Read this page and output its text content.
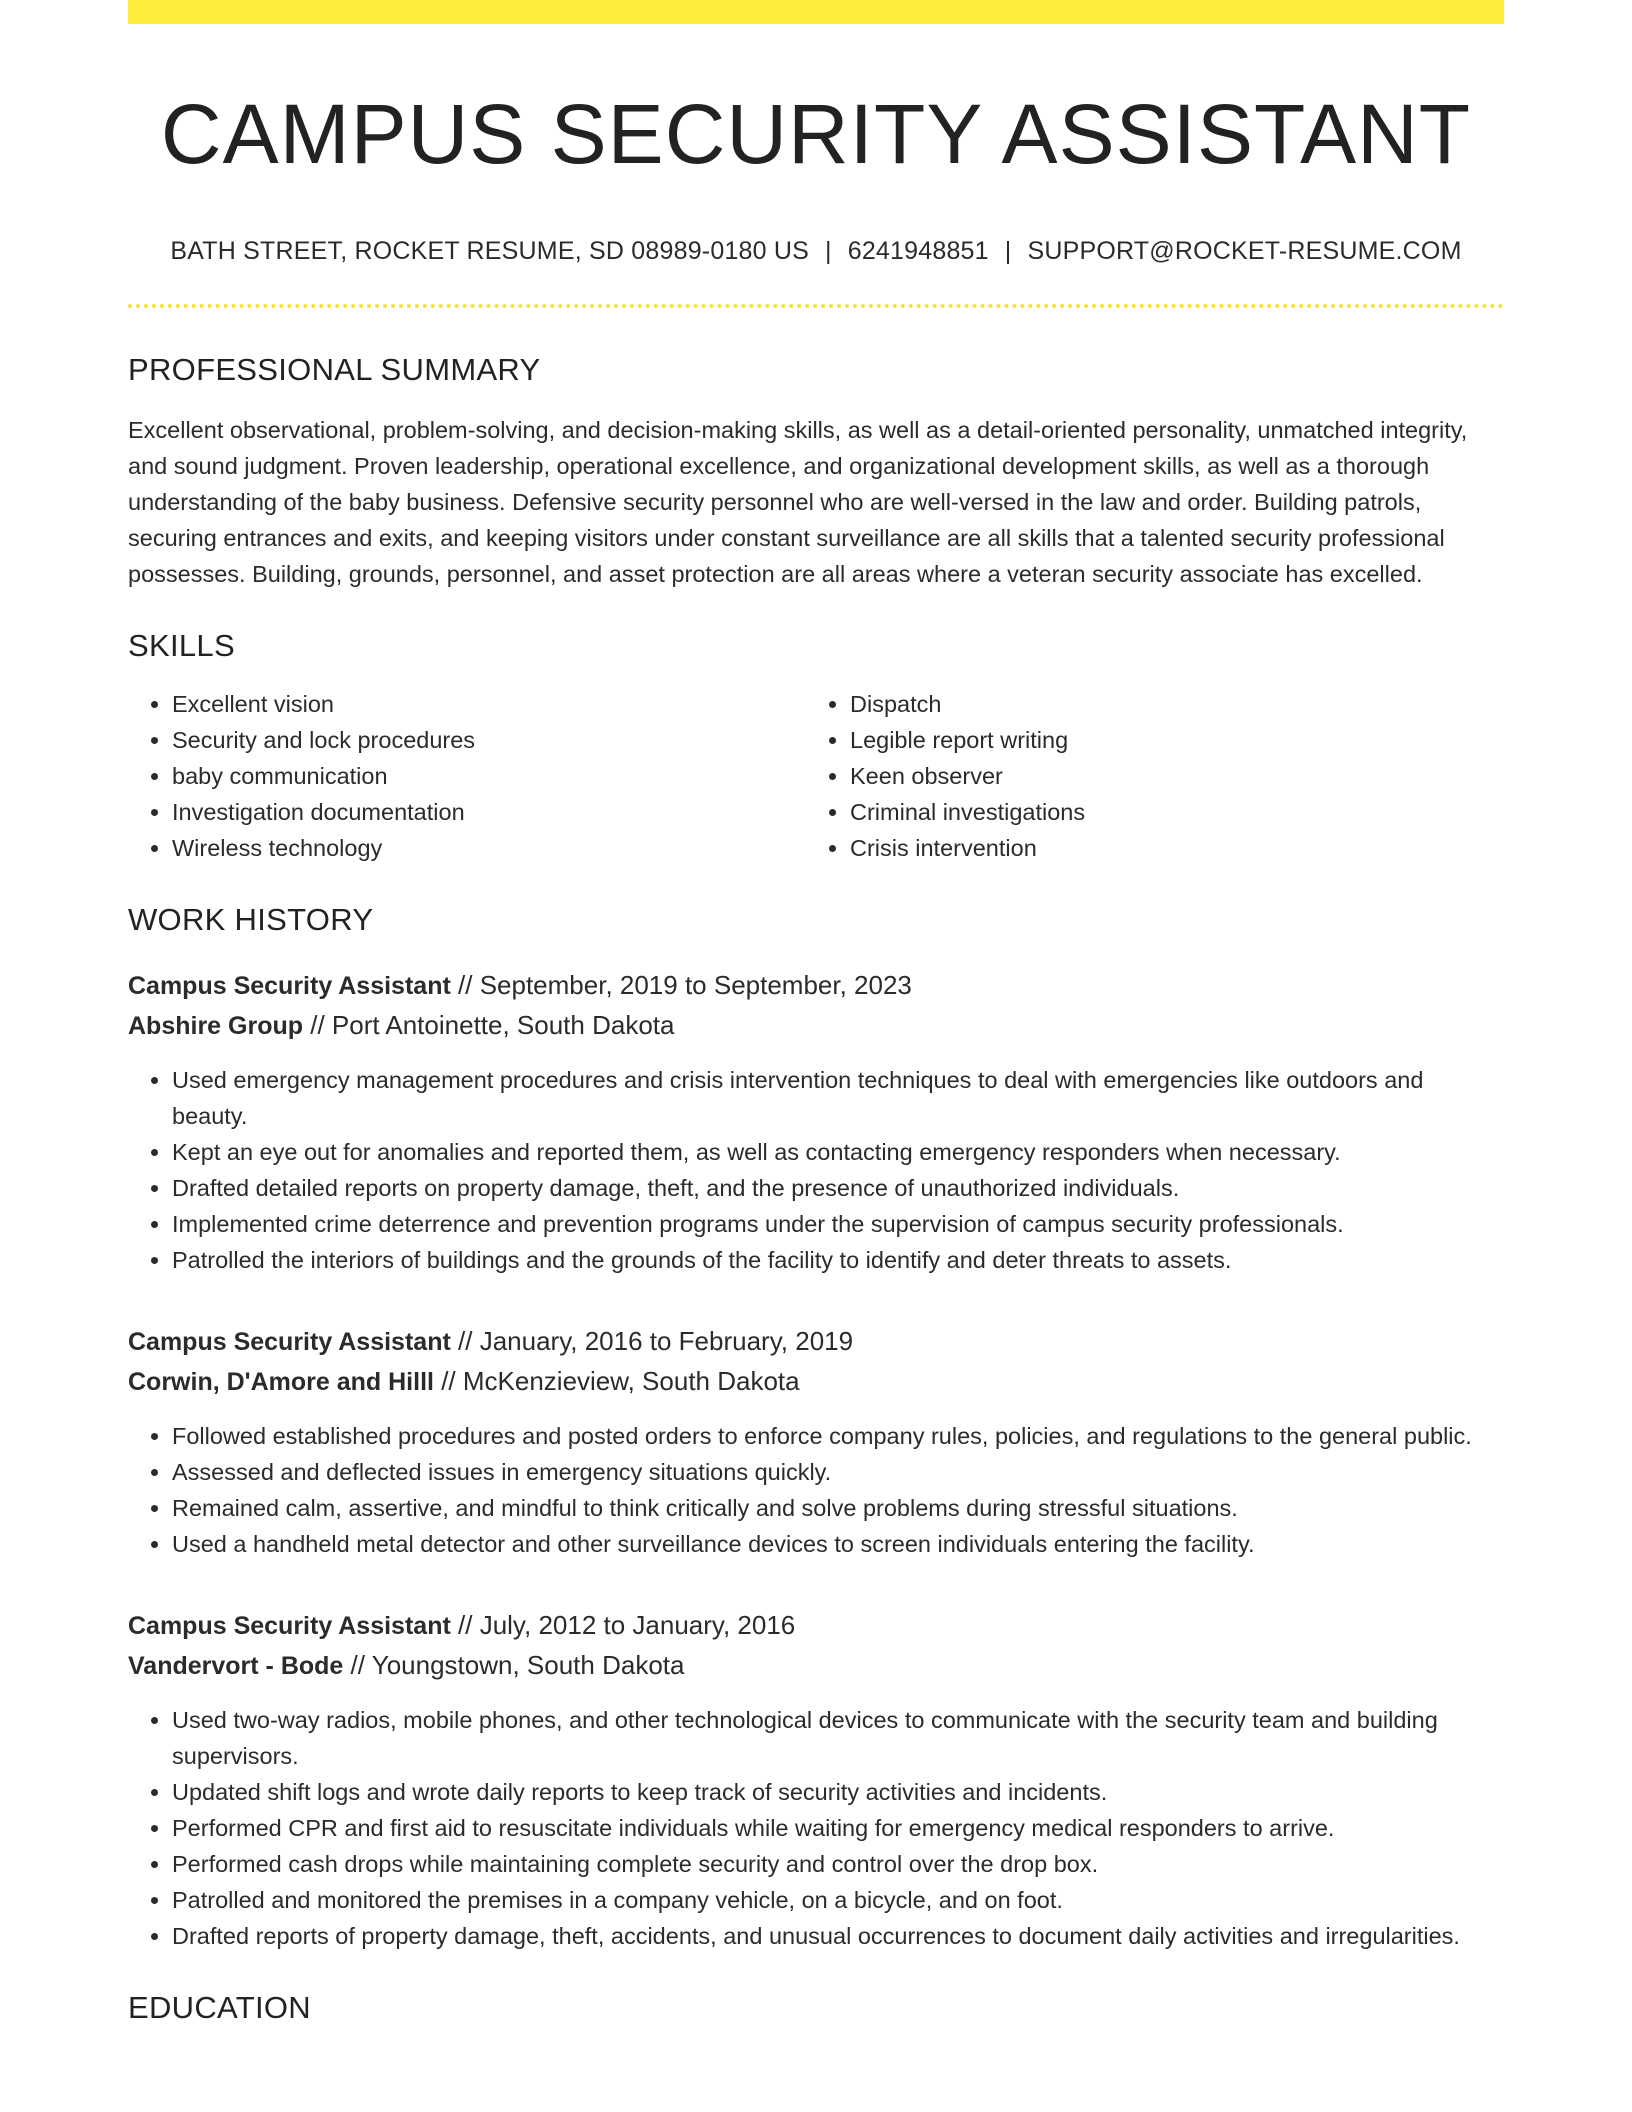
CAMPUS SECURITY ASSISTANT
BATH STREET, ROCKET RESUME, SD 08989-0180 US | 6241948851 | SUPPORT@ROCKET-RESUME.COM
PROFESSIONAL SUMMARY

Excellent observational, problem-solving, and decision-making skills, as well as a detail-oriented personality, unmatched integrity, and sound judgment. Proven leadership, operational excellence, and organizational development skills, as well as a thorough understanding of the baby business. Defensive security personnel who are well-versed in the law and order. Building patrols, securing entrances and exits, and keeping visitors under constant surveillance are all skills that a talented security professional possesses. Building, grounds, personnel, and asset protection are all areas where a veteran security associate has excelled.

SKILLS
• Excellent vision
• Security and lock procedures
• baby communication
• Investigation documentation
• Wireless technology
• Dispatch
• Legible report writing
• Keen observer
• Criminal investigations
• Crisis intervention
WORK HISTORY
Campus Security Assistant // September, 2019 to September, 2023
Abshire Group // Port Antoinette, South Dakota
• Used emergency management procedures and crisis intervention techniques to deal with emergencies like outdoors and beauty.
• Kept an eye out for anomalies and reported them, as well as contacting emergency responders when necessary.
• Drafted detailed reports on property damage, theft, and the presence of unauthorized individuals.
• Implemented crime deterrence and prevention programs under the supervision of campus security professionals.
• Patrolled the interiors of buildings and the grounds of the facility to identify and deter threats to assets.
Campus Security Assistant // January, 2016 to February, 2019
Corwin, D'Amore and Hilll // McKenzieview, South Dakota
• Followed established procedures and posted orders to enforce company rules, policies, and regulations to the general public.
• Assessed and deflected issues in emergency situations quickly.
• Remained calm, assertive, and mindful to think critically and solve problems during stressful situations.
• Used a handheld metal detector and other surveillance devices to screen individuals entering the facility.
Campus Security Assistant // July, 2012 to January, 2016
Vandervort - Bode // Youngstown, South Dakota
• Used two-way radios, mobile phones, and other technological devices to communicate with the security team and building supervisors.
• Updated shift logs and wrote daily reports to keep track of security activities and incidents.
• Performed CPR and first aid to resuscitate individuals while waiting for emergency medical responders to arrive.
• Performed cash drops while maintaining complete security and control over the drop box.
• Patrolled and monitored the premises in a company vehicle, on a bicycle, and on foot.
• Drafted reports of property damage, theft, accidents, and unusual occurrences to document daily activities and irregularities.
EDUCATION
